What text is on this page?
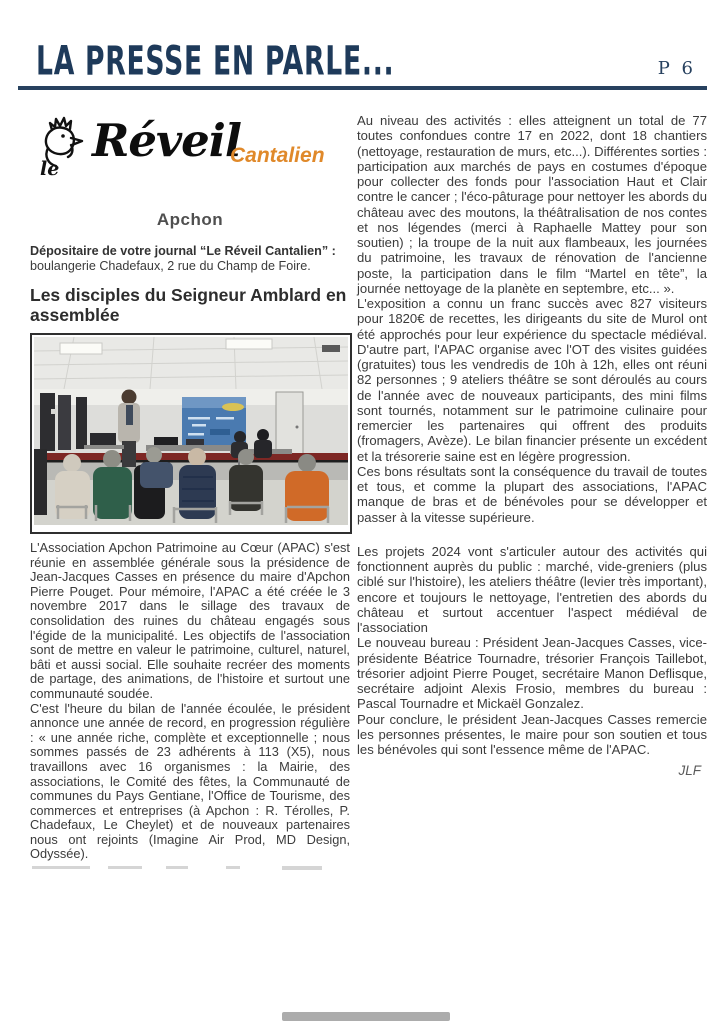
LA PRESSE EN PARLE...	P 6
le
Réveil
Cantalien
Apchon
Dépositaire de votre journal “Le Réveil Cantalien” : boulangerie Chadefaux, 2 rue du Champ de Foire.
Les disciples du Seigneur Amblard en assemblée

L'Association Apchon Patrimoine au Cœur (APAC) s'est réunie en assemblée générale sous la présidence de Jean-Jacques Casses en présence du maire d'Apchon Pierre Pouget. Pour mémoire, l'APAC a été créée le 3 novembre 2017 dans le sillage des travaux de consolidation des ruines du château engagés sous l'égide de la municipalité. Les objectifs de l'association sont de mettre en valeur le patrimoine, culturel, naturel, bâti et aussi social. Elle souhaite recréer des moments de partage, des animations, de l'histoire et surtout une communauté soudée.

C'est l'heure du bilan de l'année écoulée, le président annonce une année de record, en progression régulière : « une année riche, complète et exceptionnelle ; nous sommes passés de 23 adhérents à 113 (X5), nous travaillons avec 16 organismes : la Mairie, des associations, le Comité des fêtes, la Communauté de communes du Pays Gentiane, l'Office de Tourisme, des commerces et entreprises (à Apchon : R. Térolles, P. Chadefaux, Le Cheylet) et de nouveaux partenaires nous ont rejoints (Imagine Air Prod, MD Design, Odyssée).

Au niveau des activités : elles atteignent un total de 77 toutes confondues contre 17 en 2022, dont 18 chantiers (nettoyage, restauration de murs, etc...). Différentes sorties : participation aux marchés de pays en costumes d'époque pour collecter des fonds pour l'association Haut et Clair contre le cancer ; l'éco-pâturage pour nettoyer les abords du château avec des moutons, la théâtralisation de nos contes et nos légendes (merci à Raphaelle Mattey pour son soutien) ; la troupe de la nuit aux flambeaux, les journées du patrimoine, les travaux de rénovation de l'ancienne poste, la participation dans le film “Martel en tête”, la journée nettoyage de la planète en septembre, etc... ».

L'exposition a connu un franc succès avec 827 visiteurs pour 1820€ de recettes, les dirigeants du site de Murol ont été approchés pour leur expérience du spectacle médiéval. D'autre part, l'APAC organise avec l'OT des visites guidées (gratuites) tous les vendredis de 10h à 12h, elles ont réuni 82 personnes ; 9 ateliers théâtre se sont déroulés au cours de l'année avec de nouveaux participants, des mini films sont tournés, notamment sur le patrimoine culinaire pour remercier les partenaires qui offrent des produits (fromagers, Avèze). Le bilan financier présente un excédent et la trésorerie saine est en légère progression.

Ces bons résultats sont la conséquence du travail de toutes et tous, et comme la plupart des associations, l'APAC manque de bras et de bénévoles pour se développer et passer à la vitesse supérieure.

Les projets 2024 vont s'articuler autour des activités qui fonctionnent auprès du public : marché, vide-greniers (plus ciblé sur l'histoire), les ateliers théâtre (levier très important), encore et toujours le nettoyage, l'entretien des abords du château et surtout accentuer l'aspect médiéval de l'association

Le nouveau bureau : Président Jean-Jacques Casses, vice-présidente Béatrice Tournadre, trésorier François Taillebot, trésorier adjoint Pierre Pouget, secrétaire Manon Deflisque, secrétaire adjoint Alexis Frosio, membres du bureau : Pascal Tournadre et Mickaël Gonzalez.

Pour conclure, le président Jean-Jacques Casses remercie les personnes présentes, le maire pour son soutien et tous les bénévoles qui sont l'essence même de l'APAC.

JLF
